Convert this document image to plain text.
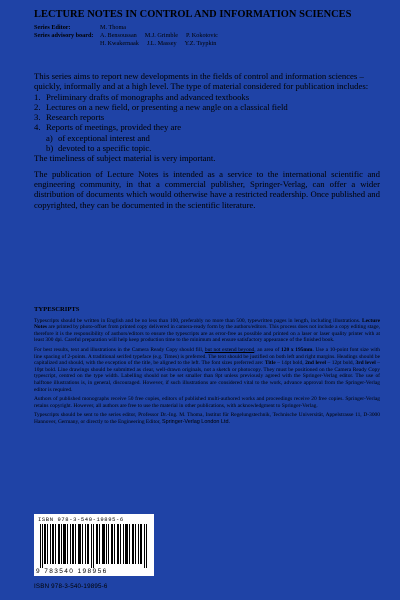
LECTURE NOTES IN CONTROL AND INFORMATION SCIENCES
Series Editor:	M. Thoma
Series advisory board:	A. Bensoussan M.J. Grimble P. Kokotovic
H. Kwakernaak J.L. Massey Y.Z. Tsypkin

This series aims to report new developments in the fields of control and information sciences – quickly, informally and at a high level. The type of material considered for publication includes:

1. Preliminary drafts of monographs and advanced textbooks
2. Lectures on a new field, or presenting a new angle on a classical field
3. Research reports
4. Reports of meetings, provided they are
a) of exceptional interest and
b) devoted to a specific topic.

The timeliness of subject material is very important.

The publication of Lecture Notes is intended as a service to the international scientific and engineering community, in that a commercial publisher, Springer-Verlag, can offer a wider distribution of documents which would otherwise have a restricted readership. Once published and copyrighted, they can be documented in the scientific literature.

TYPESCRIPTS

Typescripts should be written in English and be no less than 100, preferably no more than 500, typewritten pages in length, including illustrations. Lecture Notes are printed by photo-offset from printed copy delivered in camera-ready form by the authors/editors. This process does not include a copy editing stage, therefore it is the responsibility of authors/editors to ensure the typescripts are as error-free as possible and printed on a laser or laser quality printer with at least 300 dpi. Careful preparation will help keep production time to the minimum and ensure satisfactory appearance of the finished book.

For best results, text and illustrations in the Camera Ready Copy should fill, but not extend beyond, an area of 120 x 195mm. Use a 10-point font size with line spacing of 2-points. A traditional serifed typeface (e.g. Times) is preferred. The text should be justified on both left and right margins. Headings should be capitalized and should, with the exception of the title, be aligned to the left. The font sizes preferred are: Title – 14pt bold, 2nd level – 12pt bold, 3rd level – 10pt bold. Line drawings should be submitted as clear, well-drawn originals, not a sketch or photocopy. They must be positioned on the Camera Ready Copy typescript, centred on the type width. Labelling should not be set smaller than 8pt unless previously agreed with the Springer-Verlag editor. The use of halftone illustrations is, in general, discouraged. However, if such illustrations are considered vital to the work, advance approval from the Springer-Verlag editor is required.

Authors of published monographs receive 50 free copies, editors of published multi-authored works and proceedings receive 20 free copies. Springer-Verlag retains copyright. However, all authors are free to use the material in other publications, with acknowledgment to Springer-Verlag.

Typescripts should be sent to the series editor, Professor Dr.-Ing. M. Thoma, Institut für Regelungstechnik, Technische Universität, Appelstrasse 11, D-3000 Hannover, Germany, or directly to the Engineering Editor, Springer-Verlag London Ltd.

ISBN 978-3-540-19895-6
9 783540 198956
ISBN 978-3-540-19895-6
